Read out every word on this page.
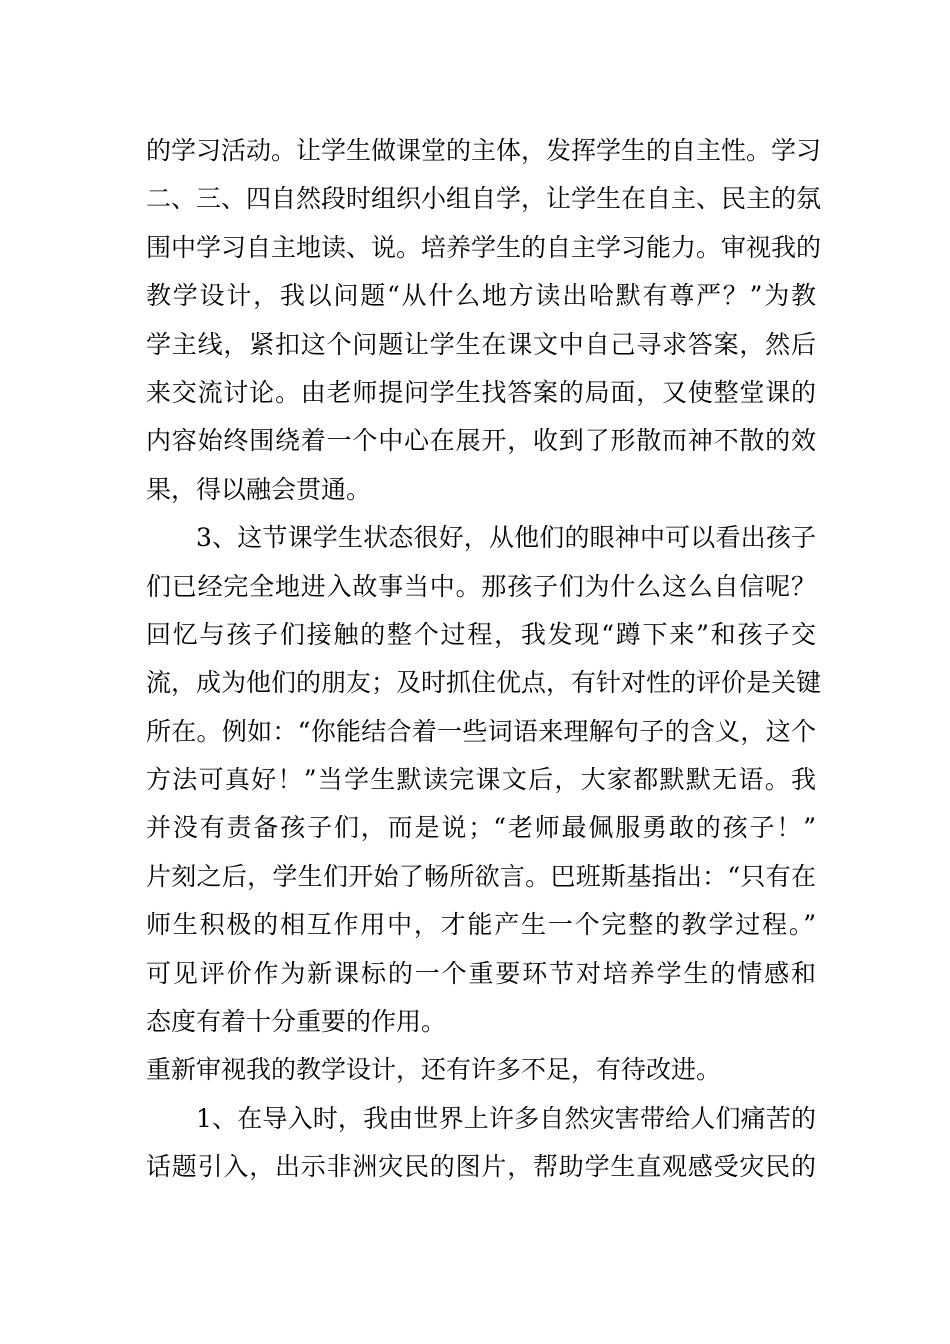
的学习活动。让学生做课堂的主体，发挥学生的自主性。学习
二、三、四自然段时组织小组自学，让学生在自主、民主的氛
围中学习自主地读、说。培养学生的自主学习能力。审视我的
教学设计，我以问题“从什么地方读出哈默有尊严？”为教
学主线，紧扣这个问题让学生在课文中自己寻求答案，然后
来交流讨论。由老师提问学生找答案的局面，又使整堂课的
内容始终围绕着一个中心在展开，收到了形散而神不散的效
果，得以融会贯通。
3、这节课学生状态很好，从他们的眼神中可以看出孩子
们已经完全地进入故事当中。那孩子们为什么这么自信呢？
回忆与孩子们接触的整个过程，我发现“蹲下来”和孩子交
流，成为他们的朋友；及时抓住优点，有针对性的评价是关键
所在。例如：“你能结合着一些词语来理解句子的含义，这个
方法可真好！”当学生默读完课文后，大家都默默无语。我
并没有责备孩子们，而是说；“老师最佩服勇敢的孩子！”
片刻之后，学生们开始了畅所欲言。巴班斯基指出：“只有在
师生积极的相互作用中，才能产生一个完整的教学过程。”
可见评价作为新课标的一个重要环节对培养学生的情感和
态度有着十分重要的作用。
重新审视我的教学设计，还有许多不足，有待改进。
1、在导入时，我由世界上许多自然灾害带给人们痛苦的
话题引入，出示非洲灾民的图片，帮助学生直观感受灾民的
